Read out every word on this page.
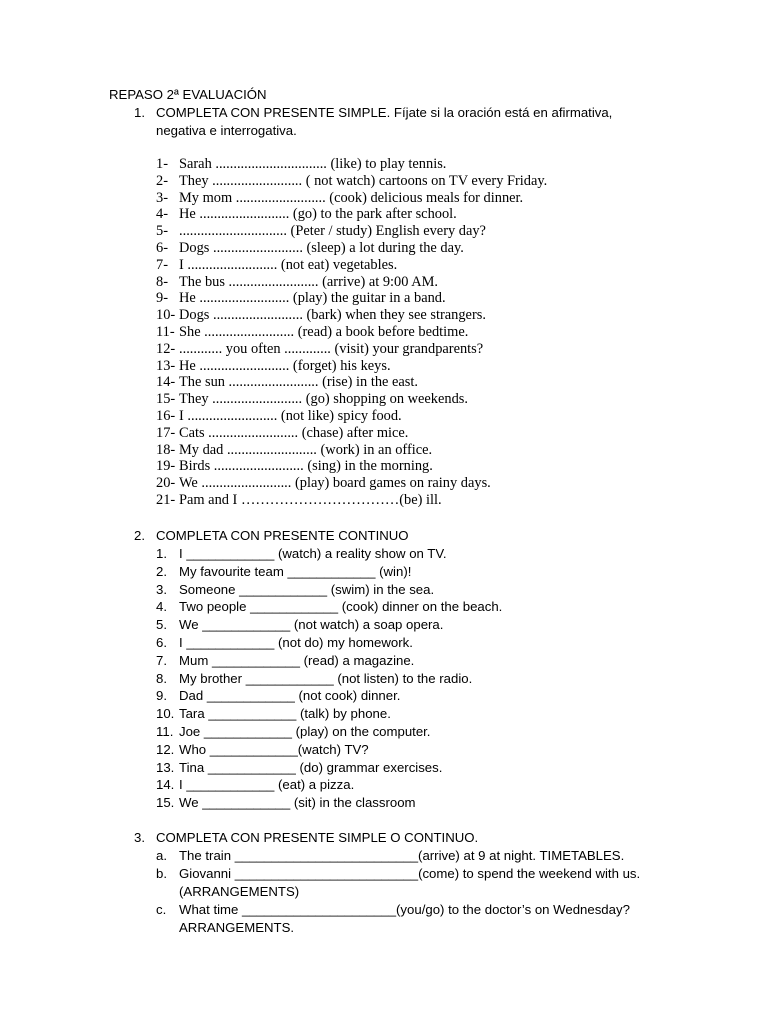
REPASO 2ª EVALUACIÓN
1. COMPLETA CON PRESENTE SIMPLE. Fíjate si la oración está en afirmativa,
negativa e interrogativa.
1- Sarah ............................... (like) to play tennis.
2- They ......................... ( not watch) cartoons on TV every Friday.
3- My mom ......................... (cook) delicious meals for dinner.
4- He ......................... (go) to the park after school.
5- .............................. (Peter / study) English every day?
6- Dogs ......................... (sleep) a lot during the day.
7- I ......................... (not eat) vegetables.
8- The bus ......................... (arrive) at 9:00 AM.
9- He ......................... (play) the guitar in a band.
10- Dogs ......................... (bark) when they see strangers.
11- She ......................... (read) a book before bedtime.
12- ............ you often ............. (visit) your grandparents?
13- He ......................... (forget) his keys.
14- The sun ......................... (rise) in the east.
15- They ......................... (go) shopping on weekends.
16- I ......................... (not like) spicy food.
17- Cats ......................... (chase) after mice.
18- My dad ......................... (work) in an office.
19- Birds ......................... (sing) in the morning.
20- We ......................... (play) board games on rainy days.
21- Pam and I ……………………………(be) ill.
2. COMPLETA CON PRESENTE CONTINUO
1. I ____________ (watch) a reality show on TV.
2. My favourite team ____________ (win)!
3. Someone ____________ (swim) in the sea.
4. Two people ____________ (cook) dinner on the beach.
5. We ____________ (not watch) a soap opera.
6. I ____________ (not do) my homework.
7. Mum ____________ (read) a magazine.
8. My brother ____________ (not listen) to the radio.
9. Dad ____________ (not cook) dinner.
10. Tara ____________ (talk) by phone.
11. Joe ____________ (play) on the computer.
12. Who ____________(watch) TV?
13. Tina ____________ (do) grammar exercises.
14. I ____________ (eat) a pizza.
15. We ____________ (sit) in the classroom
3. COMPLETA CON PRESENTE SIMPLE O CONTINUO.
a. The train _________________________(arrive) at 9 at night. TIMETABLES.
b. Giovanni _________________________(come) to spend the weekend with us.
(ARRANGEMENTS)
c. What time _____________________(you/go) to the doctor’s on Wednesday?
ARRANGEMENTS.
